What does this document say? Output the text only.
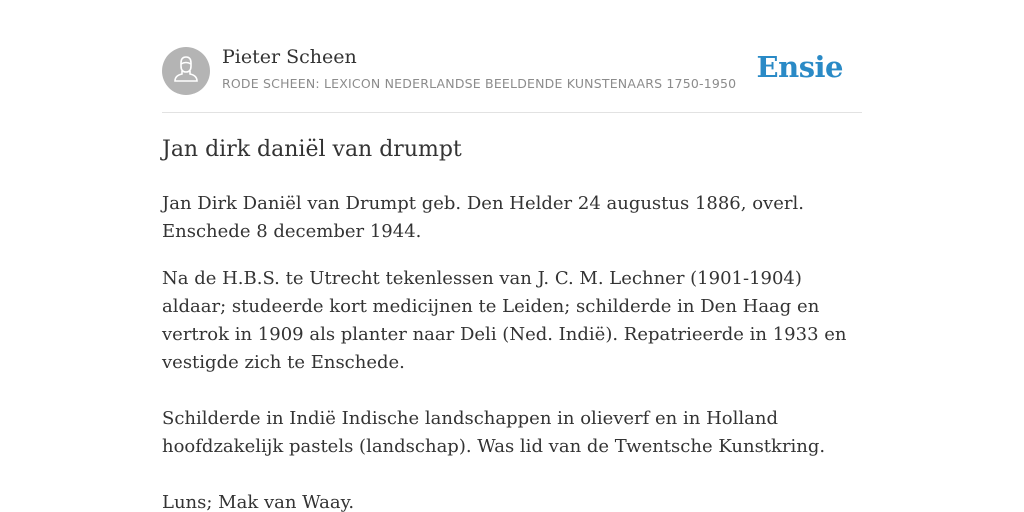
Pieter Scheen
RODE SCHEEN: LEXICON NEDERLANDSE BEELDENDE KUNSTENAARS 1750-1950 Ensie
Jan dirk daniël van drumpt

Jan Dirk Daniël van Drumpt geb. Den Helder 24 augustus 1886, overl. Enschede 8 december 1944.

Na de H.B.S. te Utrecht tekenlessen van J. C. M. Lechner (1901-1904) aldaar; studeerde kort medicijnen te Leiden; schilderde in Den Haag en vertrok in 1909 als planter naar Deli (Ned. Indië). Repatrieerde in 1933 en vestigde zich te Enschede.

Schilderde in Indië Indische landschappen in olieverf en in Holland hoofdzakelijk pastels (landschap). Was lid van de Twentsche Kunstkring.

Luns; Mak van Waay.
